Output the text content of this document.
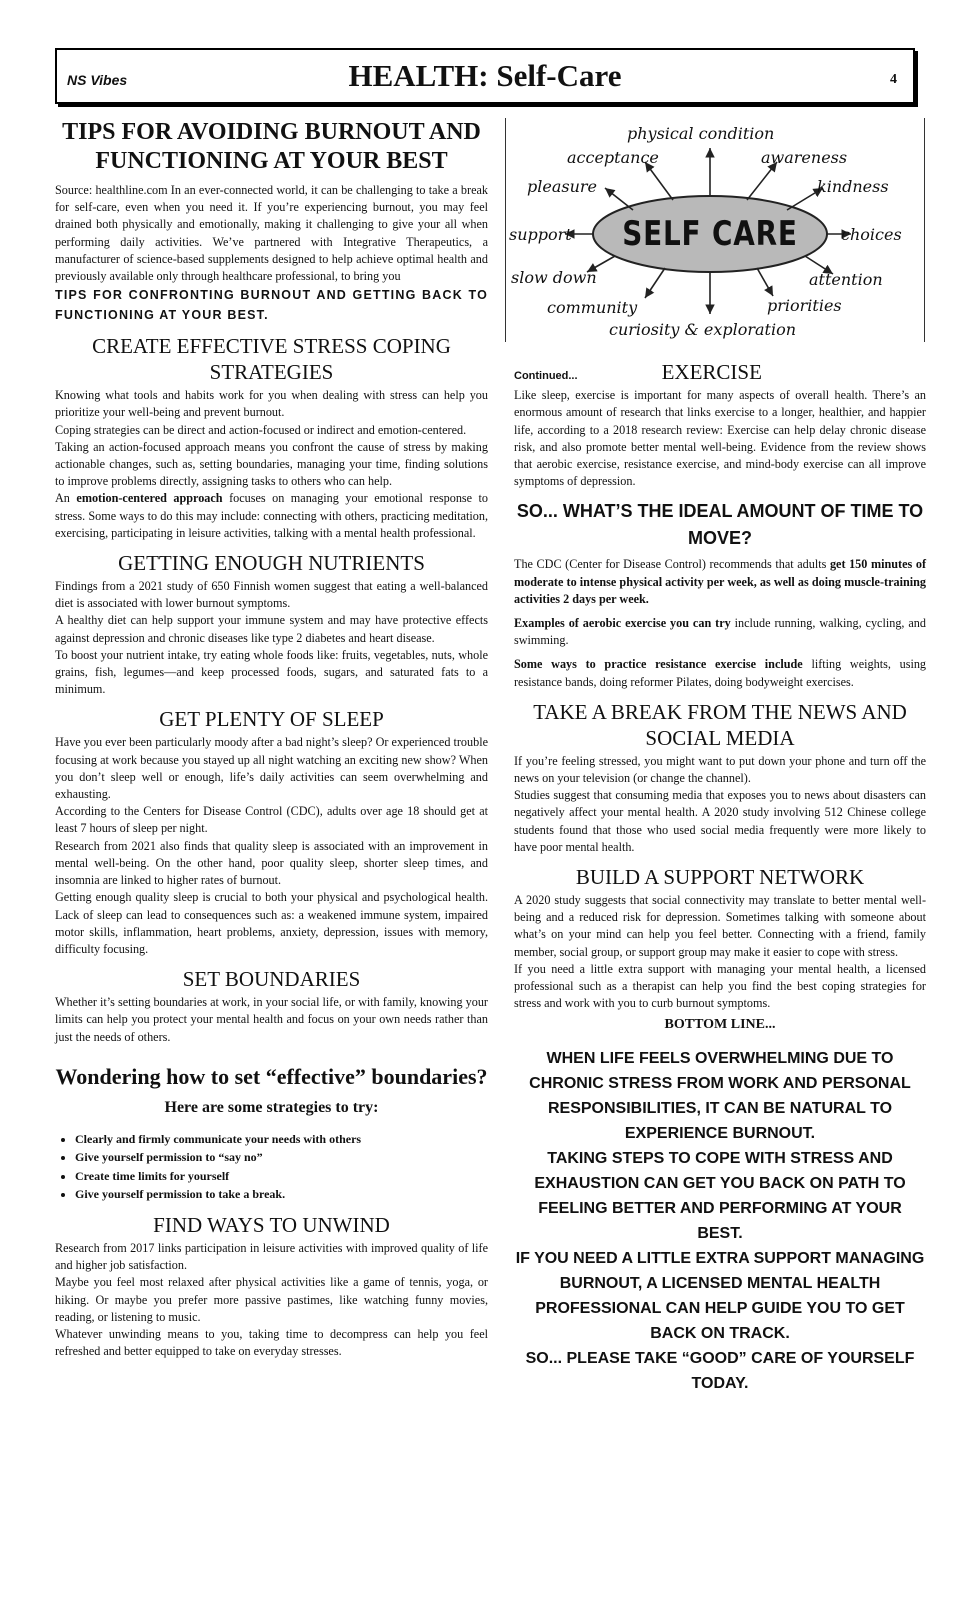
NS Vibes	HEALTH: Self-Care	4
TIPS FOR AVOIDING BURNOUT AND FUNCTIONING AT YOUR BEST

Source: healthline.com In an ever-connected world, it can be challenging to take a break for self-care, even when you need it. If you’re experiencing burnout, you may feel drained both physically and emotionally, making it challenging to give your all when performing daily activities. We’ve partnered with Integrative Therapeutics, a manufacturer of science-based supplements designed to help achieve optimal health and previously available only through healthcare professional, to bring you

TIPS FOR CONFRONTING BURNOUT AND GETTING BACK TO FUNCTIONING AT YOUR BEST.

CREATE EFFECTIVE STRESS COPING STRATEGIES

Knowing what tools and habits work for you when dealing with stress can help you prioritize your well-being and prevent burnout.

Coping strategies can be direct and action-focused or indirect and emotion-centered.

Taking an action-focused approach means you confront the cause of stress by making actionable changes, such as, setting boundaries, managing your time, finding solutions to improve problems directly, assigning tasks to others who can help.

An emotion-centered approach focuses on managing your emotional response to stress. Some ways to do this may include: connecting with others, practicing meditation, exercising, participating in leisure activities, talking with a mental health professional.

GETTING ENOUGH NUTRIENTS

Findings from a 2021 study of 650 Finnish women suggest that eating a well-balanced diet is associated with lower burnout symptoms.

A healthy diet can help support your immune system and may have protective effects against depression and chronic diseases like type 2 diabetes and heart disease.

To boost your nutrient intake, try eating whole foods like: fruits, vegetables, nuts, whole grains, fish, legumes—and keep processed foods, sugars, and saturated fats to a minimum.

GET PLENTY OF SLEEP

Have you ever been particularly moody after a bad night’s sleep? Or experienced trouble focusing at work because you stayed up all night watching an exciting new show? When you don’t sleep well or enough, life’s daily activities can seem overwhelming and exhausting.

According to the Centers for Disease Control (CDC), adults over age 18 should get at least 7 hours of sleep per night.

Research from 2021 also finds that quality sleep is associated with an improvement in mental well-being. On the other hand, poor quality sleep, shorter sleep times, and insomnia are linked to higher rates of burnout.

Getting enough quality sleep is crucial to both your physical and psychological health. Lack of sleep can lead to consequences such as: a weakened immune system, impaired motor skills, inflammation, heart problems, anxiety, depression, issues with memory, difficulty focusing.

SET BOUNDARIES

Whether it’s setting boundaries at work, in your social life, or with family, knowing your limits can help you protect your mental health and focus on your own needs rather than just the needs of others.

Wondering how to set “effective” boundaries?
Here are some strategies to try:
• Clearly and firmly communicate your needs with others
• Give yourself permission to “say no”
• Create time limits for yourself
• Give yourself permission to take a break.
FIND WAYS TO UNWIND

Research from 2017 links participation in leisure activities with improved quality of life and higher job satisfaction.

Maybe you feel most relaxed after physical activities like a game of tennis, yoga, or hiking. Or maybe you prefer more passive pastimes, like watching funny movies, reading, or listening to music.

Whatever unwinding means to you, taking time to decompress can help you feel refreshed and better equipped to take on everyday stresses.

SELF CARE
physical condition
acceptance	awareness
pleasure	kindness
support	choices
slow down	attention
community	priorities
curiosity & exploration
Continued...	EXERCISE

Like sleep, exercise is important for many aspects of overall health. There’s an enormous amount of research that links exercise to a longer, healthier, and happier life, according to a 2018 research review: Exercise can help delay chronic disease risk, and also promote better mental well-being. Evidence from the review shows that aerobic exercise, resistance exercise, and mind-body exercise can all improve symptoms of depression.

SO... WHAT’S THE IDEAL AMOUNT OF TIME TO MOVE?

The CDC (Center for Disease Control) recommends that adults get 150 minutes of moderate to intense physical activity per week, as well as doing muscle-training activities 2 days per week.

Examples of aerobic exercise you can try include running, walking, cycling, and swimming.

Some ways to practice resistance exercise include lifting weights, using resistance bands, doing reformer Pilates, doing bodyweight exercises.

TAKE A BREAK FROM THE NEWS AND SOCIAL MEDIA

If you’re feeling stressed, you might want to put down your phone and turn off the news on your television (or change the channel).

Studies suggest that consuming media that exposes you to news about disasters can negatively affect your mental health. A 2020 study involving 512 Chinese college students found that those who used social media frequently were more likely to have poor mental health.

BUILD A SUPPORT NETWORK

A 2020 study suggests that social connectivity may translate to better mental well-being and a reduced risk for depression. Sometimes talking with someone about what’s on your mind can help you feel better. Connecting with a friend, family member, social group, or support group may make it easier to cope with stress.

If you need a little extra support with managing your mental health, a licensed professional such as a therapist can help you find the best coping strategies for stress and work with you to curb burnout symptoms.

BOTTOM LINE...

WHEN LIFE FEELS OVERWHELMING DUE TO CHRONIC STRESS FROM WORK AND PERSONAL RESPONSIBILITIES, IT CAN BE NATURAL TO EXPERIENCE BURNOUT.

TAKING STEPS TO COPE WITH STRESS AND EXHAUSTION CAN GET YOU BACK ON PATH TO FEELING BETTER AND PERFORMING AT YOUR BEST.

IF YOU NEED A LITTLE EXTRA SUPPORT MANAGING BURNOUT, A LICENSED MENTAL HEALTH PROFESSIONAL CAN HELP GUIDE YOU TO GET BACK ON TRACK.

SO... PLEASE TAKE “GOOD” CARE OF YOURSELF TODAY.
